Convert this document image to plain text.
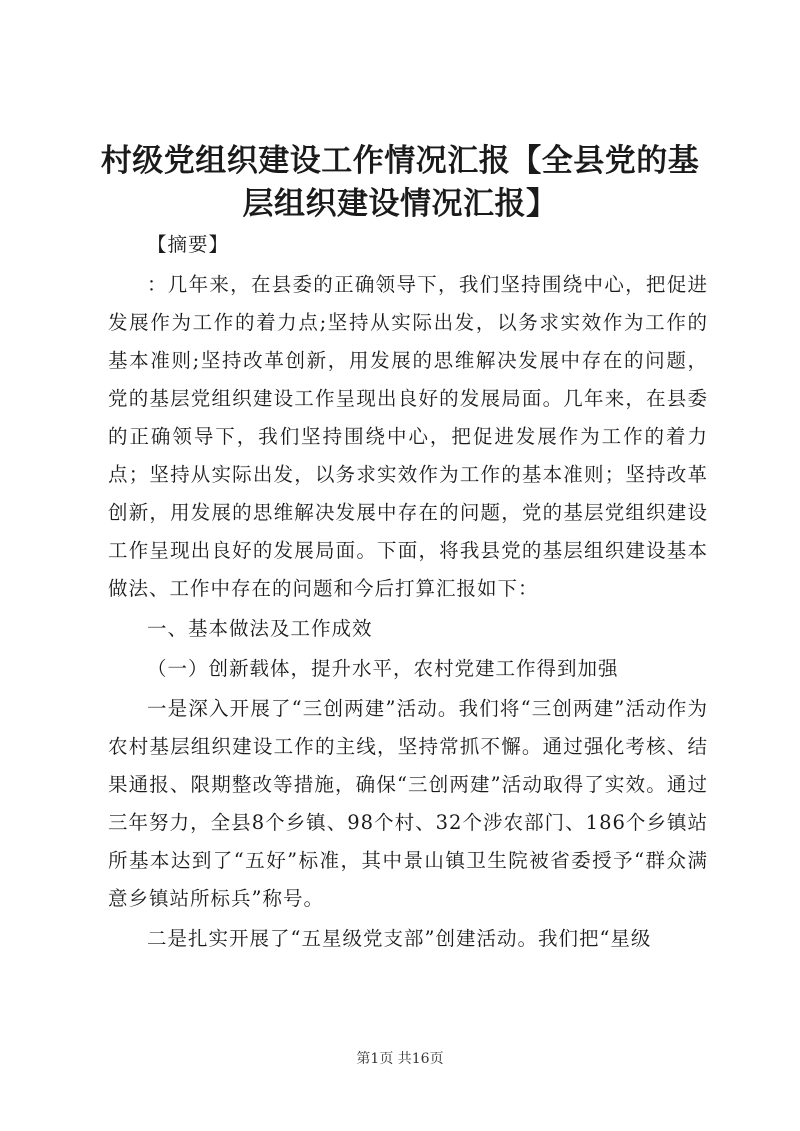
村级党组织建设工作情况汇报【全县党的基层组织建设情况汇报】

【摘要】

：几年来，在县委的正确领导下，我们坚持围绕中心，把促进发展作为工作的着力点;坚持从实际出发，以务求实效作为工作的基本准则;坚持改革创新，用发展的思维解决发展中存在的问题，党的基层党组织建设工作呈现出良好的发展局面。几年来，在县委的正确领导下，我们坚持围绕中心，把促进发展作为工作的着力点；坚持从实际出发，以务求实效作为工作的基本准则；坚持改革创新，用发展的思维解决发展中存在的问题，党的基层党组织建设工作呈现出良好的发展局面。下面，将我县党的基层组织建设基本做法、工作中存在的问题和今后打算汇报如下：

一、基本做法及工作成效

（一）创新载体，提升水平，农村党建工作得到加强

一是深入开展了“三创两建”活动。我们将“三创两建”活动作为农村基层组织建设工作的主线，坚持常抓不懈。通过强化考核、结果通报、限期整改等措施，确保“三创两建”活动取得了实效。通过三年努力，全县8个乡镇、98个村、32个涉农部门、186个乡镇站所基本达到了“五好”标准，其中景山镇卫生院被省委授予“群众满意乡镇站所标兵”称号。

二是扎实开展了“五星级党支部”创建活动。我们把“星级

第1页 共16页
